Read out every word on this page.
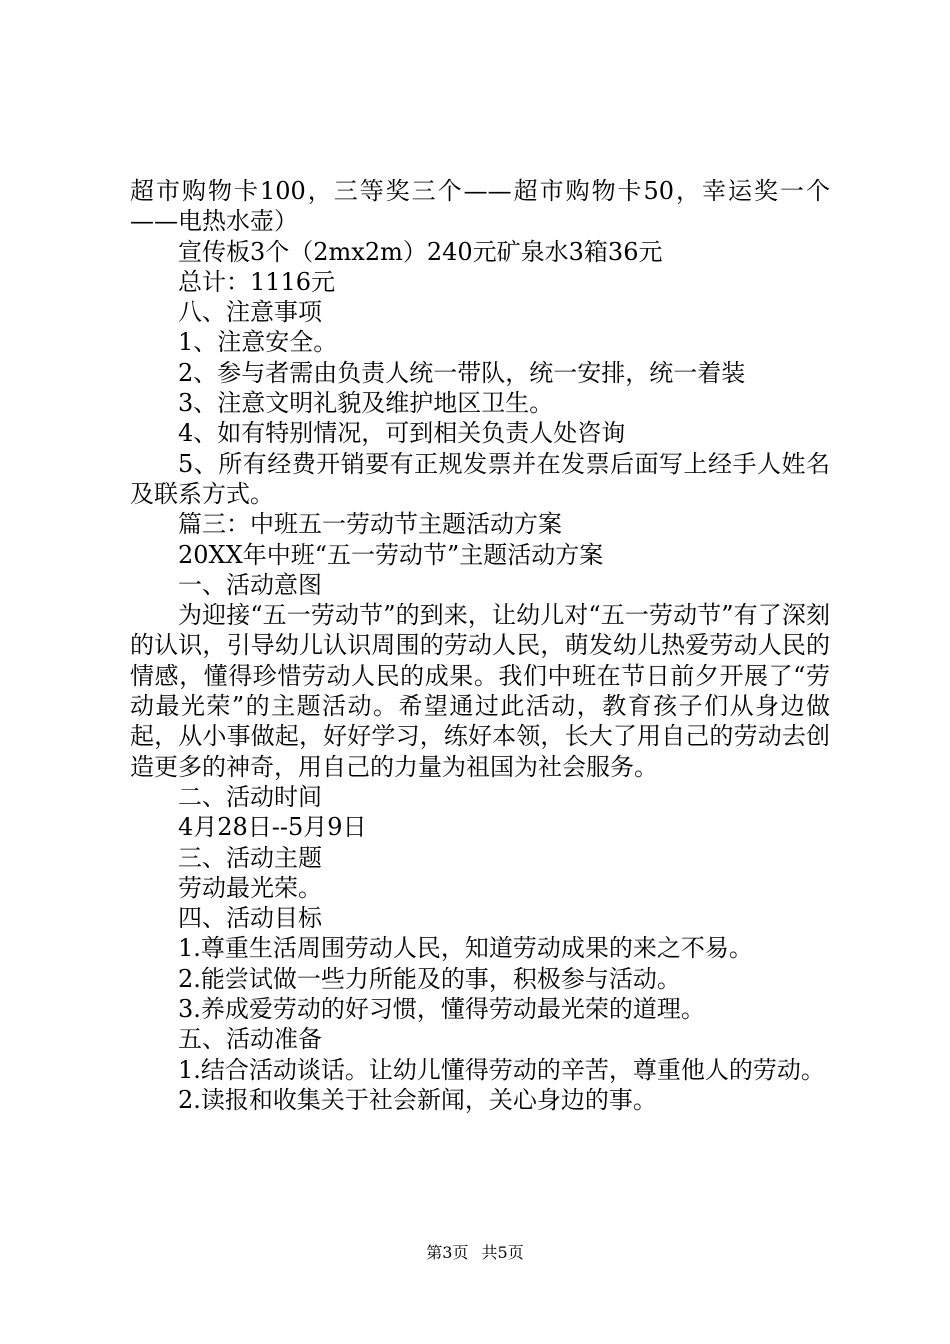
超市购物卡100，三等奖三个——超市购物卡50，幸运奖一个——电热水壶）

宣传板3个（2mx2m）240元矿泉水3箱36元

总计：1116元

八、注意事项

1、注意安全。

2、参与者需由负责人统一带队，统一安排，统一着装

3、注意文明礼貌及维护地区卫生。

4、如有特别情况，可到相关负责人处咨询

5、所有经费开销要有正规发票并在发票后面写上经手人姓名及联系方式。

篇三：中班五一劳动节主题活动方案

20XX年中班“五一劳动节”主题活动方案

一、活动意图

为迎接“五一劳动节”的到来，让幼儿对“五一劳动节”有了深刻的认识，引导幼儿认识周围的劳动人民，萌发幼儿热爱劳动人民的情感，懂得珍惜劳动人民的成果。我们中班在节日前夕开展了“劳动最光荣”的主题活动。希望通过此活动，教育孩子们从身边做起，从小事做起，好好学习，练好本领，长大了用自己的劳动去创造更多的神奇，用自己的力量为祖国为社会服务。

二、活动时间

4月28日--5月9日

三、活动主题

劳动最光荣。

四、活动目标

1.尊重生活周围劳动人民，知道劳动成果的来之不易。

2.能尝试做一些力所能及的事，积极参与活动。

3.养成爱劳动的好习惯，懂得劳动最光荣的道理。

五、活动准备

1.结合活动谈话。让幼儿懂得劳动的辛苦，尊重他人的劳动。

2.读报和收集关于社会新闻，关心身边的事。

第3页 共5页
